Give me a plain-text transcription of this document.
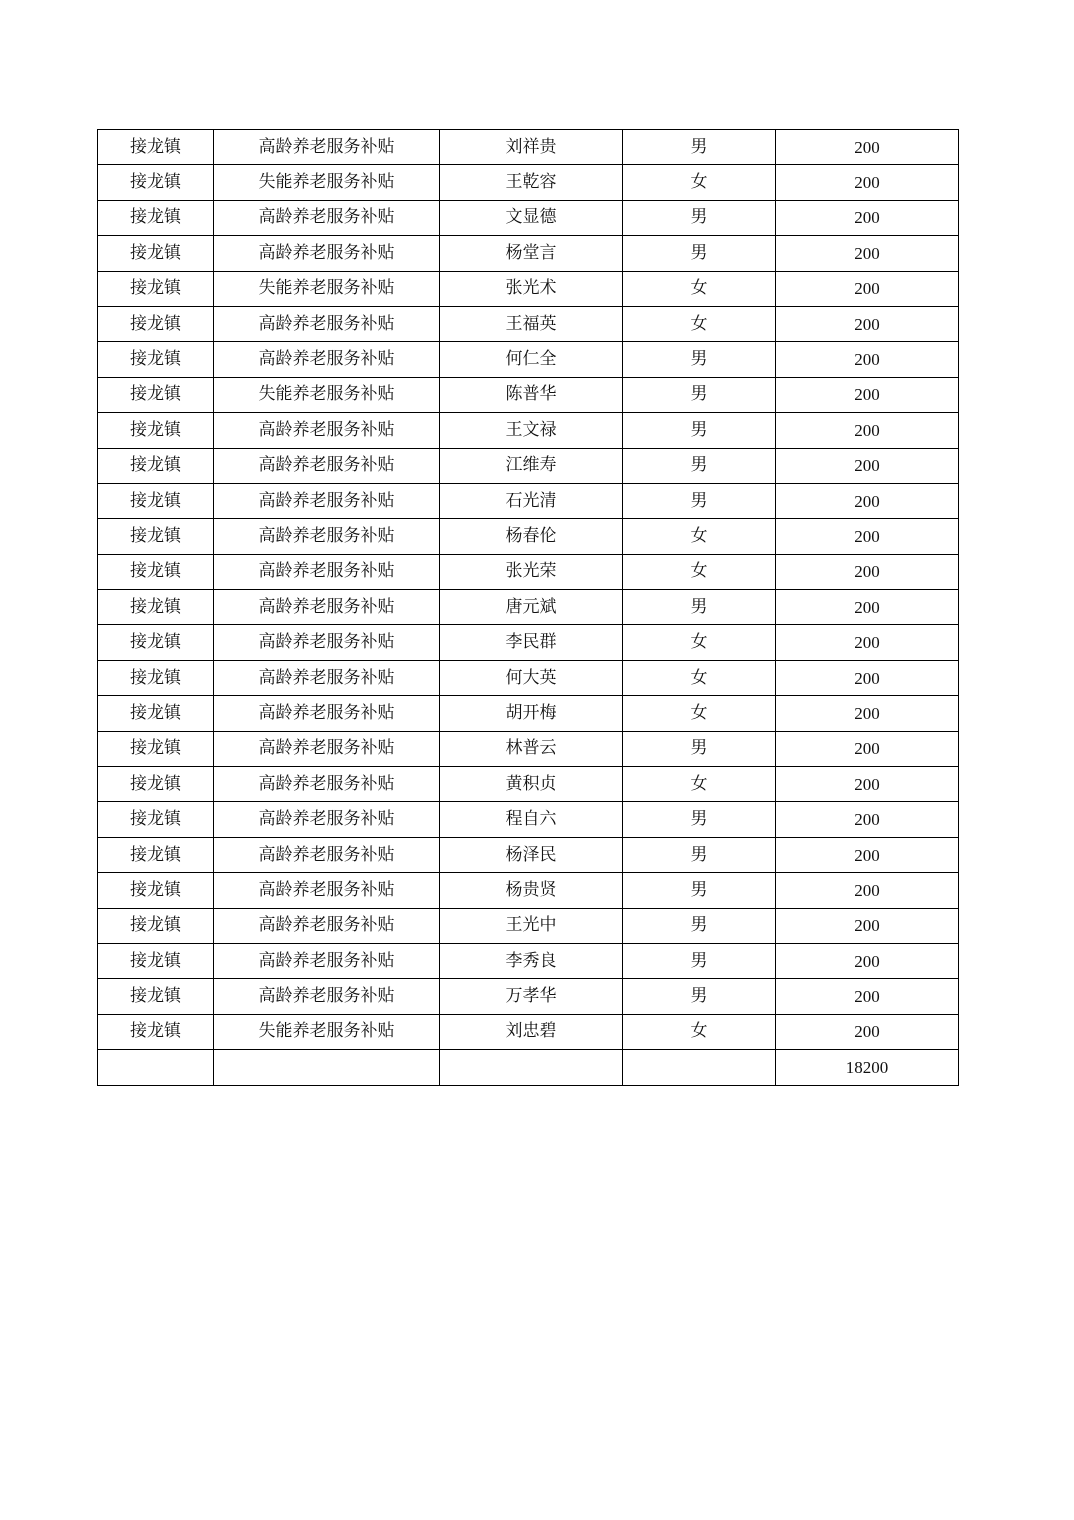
接龙镇	高龄养老服务补贴	刘祥贵	男	200
接龙镇	失能养老服务补贴	王乾容	女	200
接龙镇	高龄养老服务补贴	文显德	男	200
接龙镇	高龄养老服务补贴	杨堂言	男	200
接龙镇	失能养老服务补贴	张光术	女	200
接龙镇	高龄养老服务补贴	王福英	女	200
接龙镇	高龄养老服务补贴	何仁全	男	200
接龙镇	失能养老服务补贴	陈普华	男	200
接龙镇	高龄养老服务补贴	王文禄	男	200
接龙镇	高龄养老服务补贴	江维寿	男	200
接龙镇	高龄养老服务补贴	石光清	男	200
接龙镇	高龄养老服务补贴	杨春伦	女	200
接龙镇	高龄养老服务补贴	张光荣	女	200
接龙镇	高龄养老服务补贴	唐元斌	男	200
接龙镇	高龄养老服务补贴	李民群	女	200
接龙镇	高龄养老服务补贴	何大英	女	200
接龙镇	高龄养老服务补贴	胡开梅	女	200
接龙镇	高龄养老服务补贴	林普云	男	200
接龙镇	高龄养老服务补贴	黄积贞	女	200
接龙镇	高龄养老服务补贴	程自六	男	200
接龙镇	高龄养老服务补贴	杨泽民	男	200
接龙镇	高龄养老服务补贴	杨贵贤	男	200
接龙镇	高龄养老服务补贴	王光中	男	200
接龙镇	高龄养老服务补贴	李秀良	男	200
接龙镇	高龄养老服务补贴	万孝华	男	200
接龙镇	失能养老服务补贴	刘忠碧	女	200
				18200
